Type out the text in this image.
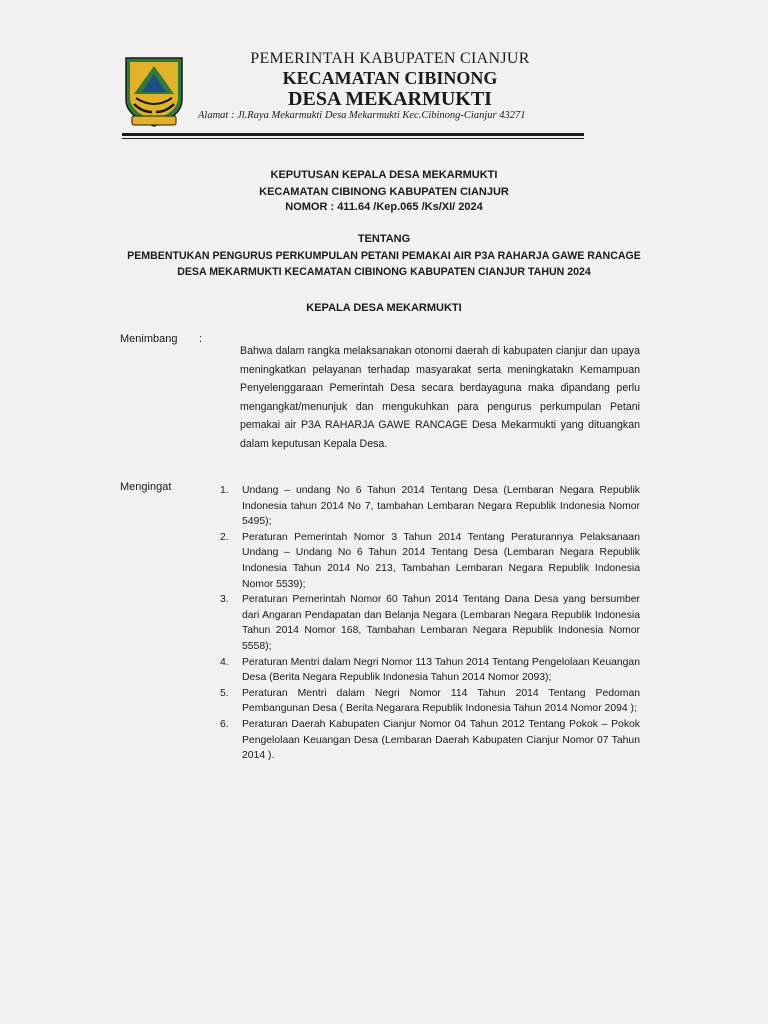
PEMERINTAH KABUPATEN CIANJUR
KECAMATAN CIBINONG
DESA MEKARMUKTI
Alamat : Jl.Raya Mekarmukti Desa Mekarmukti Kec.Cibinong-Cianjur 43271
KEPUTUSAN KEPALA DESA MEKARMUKTI
KECAMATAN CIBINONG KABUPATEN CIANJUR
NOMOR : 411.64 /Kep.065 /Ks/XI/ 2024
TENTANG
PEMBENTUKAN PENGURUS PERKUMPULAN PETANI PEMAKAI AIR P3A RAHARJA GAWE RANCAGE
DESA MEKARMUKTI KECAMATAN CIBINONG KABUPATEN CIANJUR TAHUN 2024
KEPALA DESA MEKARMUKTI
Menimbang :
Bahwa dalam rangka melaksanakan otonomi daerah di kabupaten cianjur dan upaya meningkatkan pelayanan terhadap masyarakat serta meningkatakn Kemampuan Penyelenggaraan Pemerintah Desa secara berdayaguna maka dipandang perlu mengangkat/menunjuk dan mengukuhkan para pengurus perkumpulan Petani pemakai air P3A RAHARJA GAWE RANCAGE Desa Mekarmukti yang dituangkan dalam keputusan Kepala Desa.
Mengingat	1. Undang – undang No 6 Tahun 2014 Tentang Desa (Lembaran Negara Republik Indonesia tahun 2014 No 7, tambahan Lembaran Negara Republik Indonesia Nomor 5495);
2. Peraturan Pemerintah Nomor 3 Tahun 2014 Tentang Peraturannya Pelaksanaan Undang – Undang No 6 Tahun 2014 Tentang Desa (Lembaran Negara Republik Indonesia Tahun 2014 No 213, Tambahan Lembaran Negara Republik Indonesia Nomor 5539);
3. Peraturan Pemerintah Nomor 60 Tahun 2014 Tentang Dana Desa yang bersumber dari Angaran Pendapatan dan Belanja Negara (Lembaran Negara Republik Indonesia Tahun 2014 Nomor 168, Tambahan Lembaran Negara Republik Indonesia Nomor 5558);
4. Peraturan Mentri dalam Negri Nomor 113 Tahun 2014 Tentang Pengelolaan Keuangan Desa (Berita Negara Republik Indonesia Tahun 2014 Nomor 2093);
5. Peraturan Mentri dalam Negri Nomor 114 Tahun 2014 Tentang Pedoman Pembangunan Desa ( Berita Negarara Republik Indonesia Tahun 2014 Nomor 2094 );
6. Peraturan Daerah Kabupaten Cianjur Nomor 04 Tahun 2012 Tentang Pokok – Pokok Pengelolaan Keuangan Desa (Lembaran Daerah Kabupaten Cianjur Nomor 07 Tahun 2014 ).
